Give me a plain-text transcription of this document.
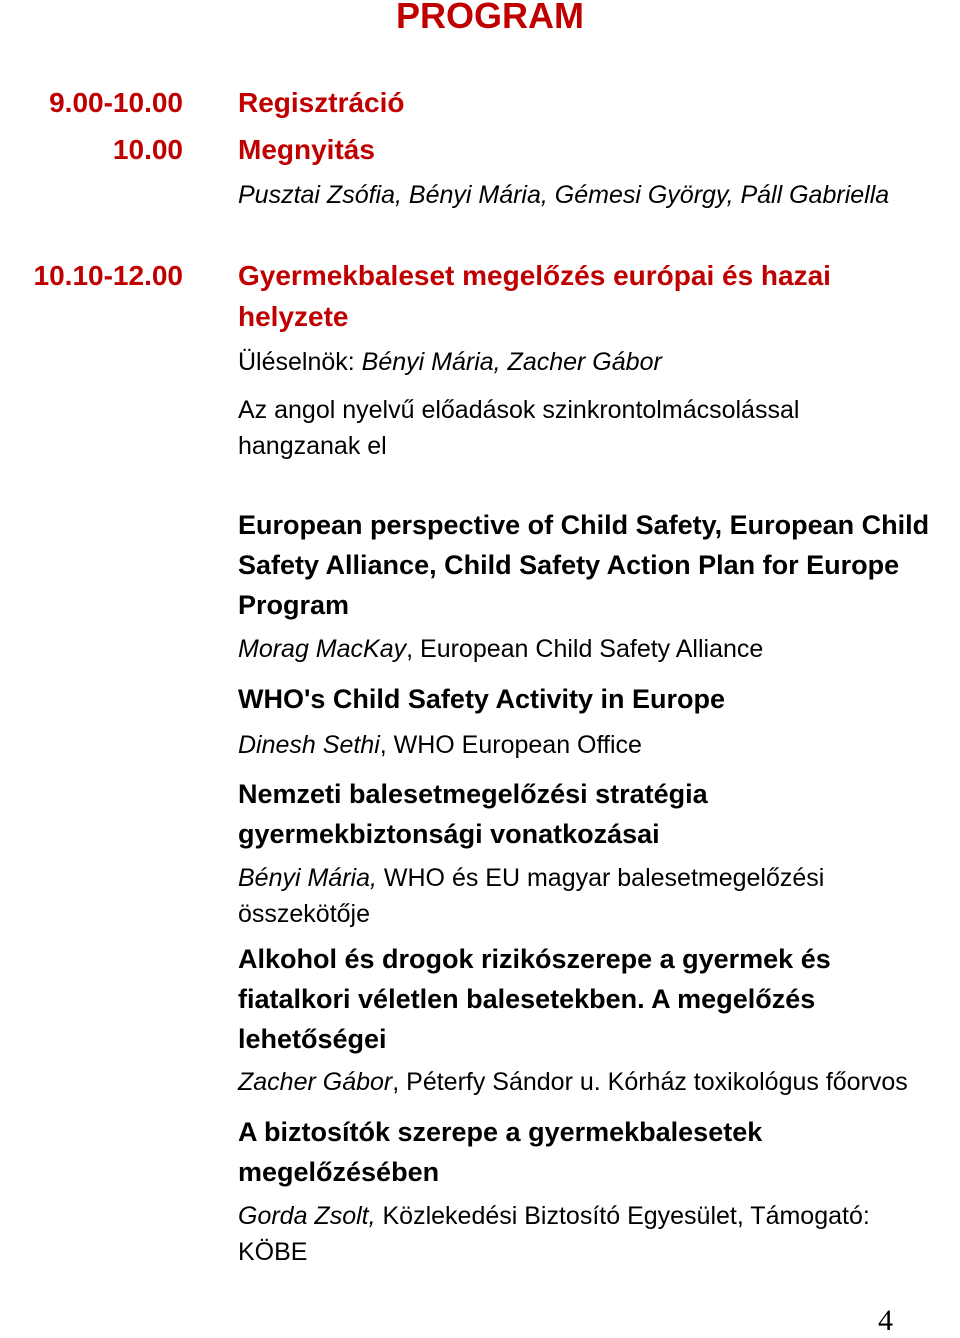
PROGRAM
9.00-10.00 Regisztráció
10.00 Megnyitás
Pusztai Zsófia, Bényi Mária, Gémesi György, Páll Gabriella
10.10-12.00 Gyermekbaleset megelőzés európai és hazai
helyzete
Üléselnök: Bényi Mária, Zacher Gábor
Az angol nyelvű előadások szinkrontolmácsolással
hangzanak el
European perspective of Child Safety, European Child
Safety Alliance, Child Safety Action Plan for Europe
Program
Morag MacKay, European Child Safety Alliance
WHO's Child Safety Activity in Europe
Dinesh Sethi, WHO European Office
Nemzeti balesetmegelőzési stratégia
gyermekbiztonsági vonatkozásai
Bényi Mária, WHO és EU magyar balesetmegelőzési
összekötője
Alkohol és drogok rizikószerepe a gyermek és
fiatalkori véletlen balesetekben. A megelőzés
lehetőségei
Zacher Gábor, Péterfy Sándor u. Kórház toxikológus főorvos
A biztosítók szerepe a gyermekbalesetek
megelőzésében
Gorda Zsolt, Közlekedési Biztosító Egyesület, Támogató:
KÖBE
4
